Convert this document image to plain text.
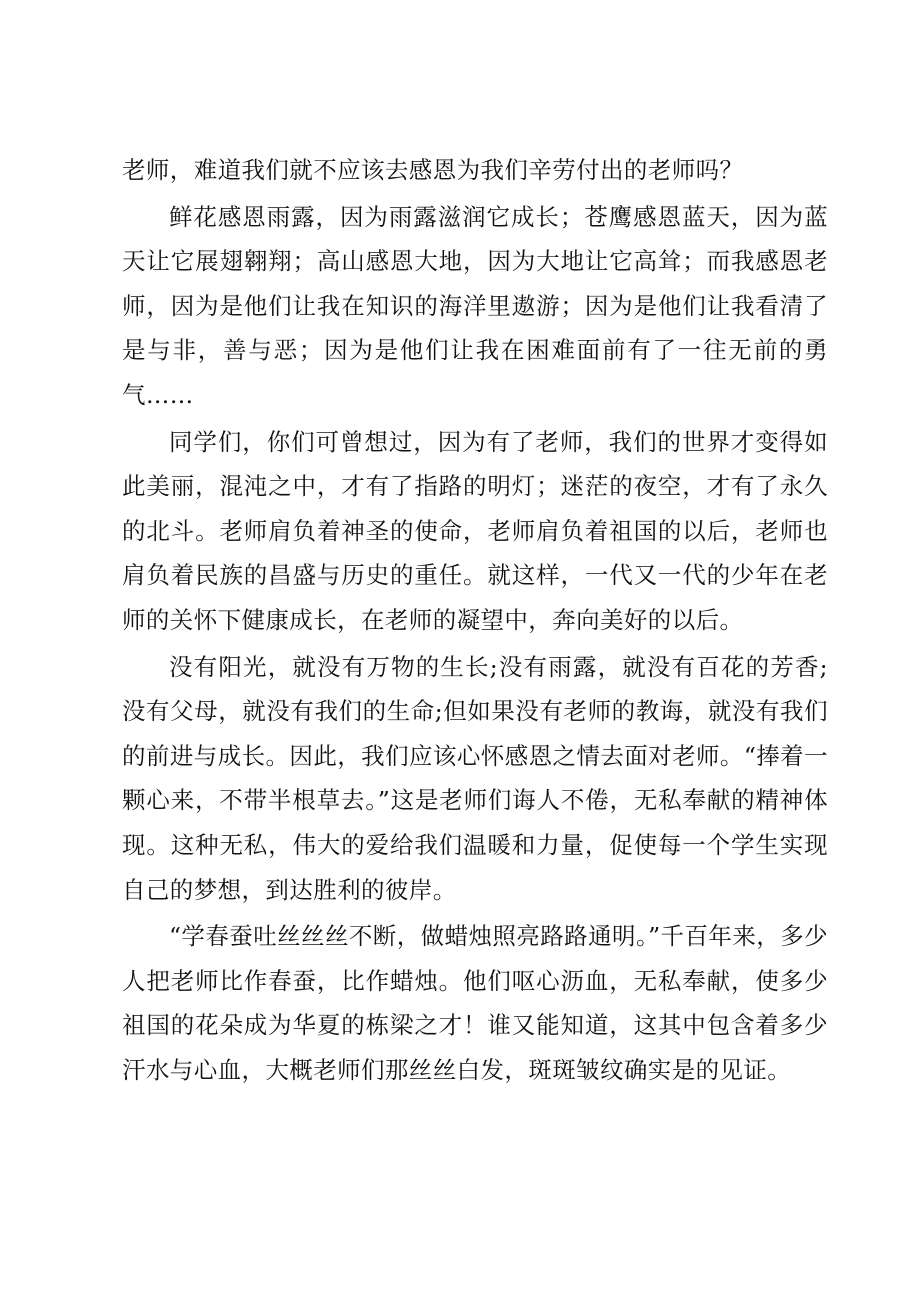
老师，难道我们就不应该去感恩为我们辛劳付出的老师吗？

鲜花感恩雨露，因为雨露滋润它成长；苍鹰感恩蓝天，因为蓝天让它展翅翱翔；高山感恩大地，因为大地让它高耸；而我感恩老师，因为是他们让我在知识的海洋里遨游；因为是他们让我看清了是与非，善与恶；因为是他们让我在困难面前有了一往无前的勇气……

同学们，你们可曾想过，因为有了老师，我们的世界才变得如此美丽，混沌之中，才有了指路的明灯；迷茫的夜空，才有了永久的北斗。老师肩负着神圣的使命，老师肩负着祖国的以后，老师也肩负着民族的昌盛与历史的重任。就这样，一代又一代的少年在老师的关怀下健康成长，在老师的凝望中，奔向美好的以后。

没有阳光，就没有万物的生长;没有雨露，就没有百花的芳香;没有父母，就没有我们的生命;但如果没有老师的教诲，就没有我们的前进与成长。因此，我们应该心怀感恩之情去面对老师。“捧着一颗心来，不带半根草去。”这是老师们诲人不倦，无私奉献的精神体现。这种无私，伟大的爱给我们温暖和力量，促使每一个学生实现自己的梦想，到达胜利的彼岸。

“学春蚕吐丝丝丝不断，做蜡烛照亮路路通明。”千百年来，多少人把老师比作春蚕，比作蜡烛。他们呕心沥血，无私奉献，使多少祖国的花朵成为华夏的栋梁之才！谁又能知道，这其中包含着多少汗水与心血，大概老师们那丝丝白发，斑斑皱纹确实是的见证。
